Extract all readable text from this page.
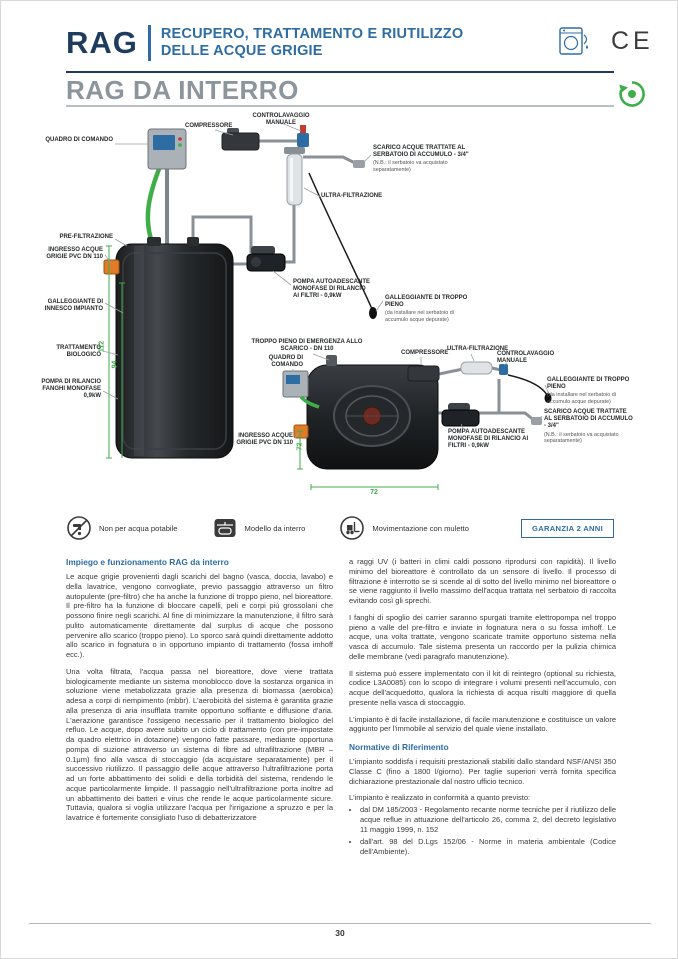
RAG RECUPERO, TRATTAMENTO E RIUTILIZZO
DELLE ACQUE GRIGIE	CE
RAG DA INTERRO
QUADRO DI COMANDO
COMPRESSORE
CONTROLAVAGGIO MANUALE
SCARICO ACQUE TRATTATE AL SERBATOIO DI ACCUMULO - 3/4"
(N.B.: il serbatoio va acquistato separatamente)
ULTRA-FILTRAZIONE
PRE-FILTRAZIONE
INGRESSO ACQUE GRIGIE PVC DN 110
GALLEGGIANTE DI INNESCO IMPIANTO
POMPA AUTOADESCANTE MONOFASE DI RILANCIO AI FILTRI - 0,9kW	GALLEGGIANTE DI TROPPO PIENO
(da installare nel serbatoio di accumulo acque depurate)
TRATTAMENTO BIOLOGICO
POMPA DI RILANCIO FANGHI MONOFASE 0,9kW
112
94
TROPPO PIENO DI EMERGENZA ALLO SCARICO - DN 110
QUADRO DI COMANDO
COMPRESSORE
ULTRA-FILTRAZIONE
CONTROLAVAGGIO MANUALE
GALLEGGIANTE DI TROPPO PIENO
(da installare nel serbatoio di accumulo acque depurate)
SCARICO ACQUE TRATTATE AL SERBATOIO DI ACCUMULO - 3/4"
(N.B.: il serbatoio va acquistato separatamente)
POMPA AUTOADESCANTE MONOFASE DI RILANCIO AI FILTRI - 0,9kW
INGRESSO ACQUE GRIGIE PVC DN 110 72
72
Non per acqua potabile	Modello da interro	Movimentazione con muletto	GARANZIA 2 ANNI
Impiego e funzionamento RAG da interro

Le acque grigie provenienti dagli scarichi del bagno (vasca, doccia, lavabo) e della lavatrice, vengono convogliate, previo passaggio attraverso un filtro autopulente (pre-filtro) che ha anche la funzione di troppo pieno, nel bioreattore. Il pre-filtro ha la funzione di bloccare capelli, peli e corpi più grossolani che possono finire negli scarichi. Al fine di minimizzare la manutenzione, il filtro sarà pulito automaticamente direttamente dal surplus di acque che possono pervenire allo scarico (troppo pieno). Lo sporco sarà quindi direttamente addotto allo scarico in fognatura o in opportuno impianto di trattamento (fossa imhoff ecc.).

Una volta filtrata, l'acqua passa nel bioreattore, dove viene trattata biologicamente mediante un sistema monoblocco dove la sostanza organica in soluzione viene metabolizzata grazie alla presenza di biomassa (aerobica) adesa a corpi di riempimento (mbbr). L'aerobicità del sistema è garantita grazie alla presenza di aria insufflata tramite opportuno soffiante e diffusione d'aria. L'aerazione garantisce l'ossigeno necessario per il trattamento biologico del refluo. Le acque, dopo avere subito un ciclo di trattamento (con pre-impostate da quadro elettrico in dotazione) vengono fatte passare, mediante opportuna pompa di suzione attraverso un sistema di fibre ad ultrafiltrazione (MBR – 0.1μm) fino alla vasca di stoccaggio (da acquistare separatamente) per il successivo riutilizzo. Il passaggio delle acque attraverso l'ultrafiltrazione porta ad un forte abbattimento dei solidi e della torbidità del sistema, rendendo le acque particolarmente limpide. Il passaggio nell'ultrafiltrazione porta inoltre ad un abbattimento dei batteri e virus che rende le acque particolarmente sicure. Tuttavia, qualora si voglia utilizzare l'acqua per l'irrigazione a spruzzo e per la lavatrice è fortemente consigliato l'uso di debatterizzatore

a raggi UV (i batteri in climi caldi possono riprodursi con rapidità). Il livello minimo del bioreattore è controllato da un sensore di livello. Il processo di filtrazione è interrotto se si scende al di sotto del livello minimo nel bioreattore o se viene raggiunto il livello massimo dell'acqua trattata nel serbatoio di raccolta evitando così gli sprechi.

I fanghi di spoglio dei carrier saranno spurgati tramite elettropompa nel troppo pieno a valle del pre-filtro e inviate in fognatura nera o su fossa imhoff. Le acque, una volta trattate, vengono scaricate tramite opportuno sistema nella vasca di accumulo. Tale sistema presenta un raccordo per la pulizia chimica delle membrane (vedi paragrafo manutenzione).

Il sistema può essere implementato con il kit di reintegro (optional su richiesta, codice L3A0085) con lo scopo di integrare i volumi presenti nell'accumulo, con acque dell'acquedotto, qualora la richiesta di acqua risulti maggiore di quella presente nella vasca di stoccaggio.

L'impianto è di facile installazione, di facile manutenzione e costituisce un valore aggiunto per l'immobile al servizio del quale viene installato.

Normative di Riferimento

L'impianto soddisfa i requisiti prestazionali stabiliti dallo standard NSF/ANSI 350 Classe C (fino a 1800 l/giorno). Per taglie superiori verrà fornita specifica dichiarazione prestazionale dal nostro ufficio tecnico.

L'impianto è realizzato in conformità a quanto previsto:

• dal DM 185/2003 - Regolamento recante norme tecniche per il riutilizzo delle acque reflue in attuazione dell'articolo 26, comma 2, del decreto legislativo 11 maggio 1999, n. 152
• dall'art. 98 del D.Lgs 152/06 - Norme in materia ambientale (Codice dell'Ambiente).
30
